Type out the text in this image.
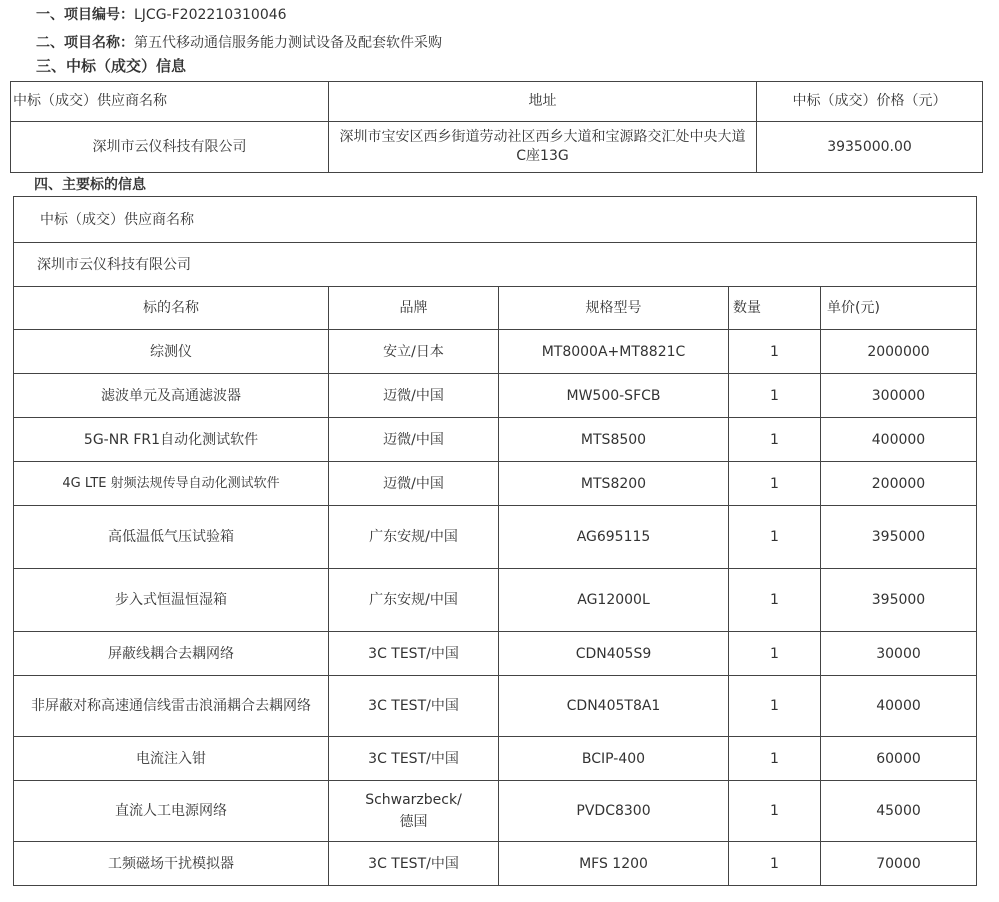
一、项目编号：LJCG-F202210310046
二、项目名称：第五代移动通信服务能力测试设备及配套软件采购
三、中标（成交）信息
中标（成交）供应商名称	地址	中标（成交）价格（元）
深圳市云仪科技有限公司	深圳市宝安区西乡街道劳动社区西乡大道和宝源路交汇处中央大道C座13G	3935000.00
四、主要标的信息
中标（成交）供应商名称				
深圳市云仪科技有限公司				
标的名称	品牌	规格型号	数量	单价(元)
综测仪	安立/日本	MT8000A+MT8821C	1	2000000
滤波单元及高通滤波器	迈微/中国	MW500-SFCB	1	300000
5G-NR FR1自动化测试软件	迈微/中国	MTS8500	1	400000
4G LTE 射频法规传导自动化测试软件	迈微/中国	MTS8200	1	200000
高低温低气压试验箱	广东安规/中国	AG695115	1	395000
步入式恒温恒湿箱	广东安规/中国	AG12000L	1	395000
屏蔽线耦合去耦网络	3C TEST/中国	CDN405S9	1	30000
非屏蔽对称高速通信线雷击浪涌耦合去耦网络	3C TEST/中国	CDN405T8A1	1	40000
电流注入钳	3C TEST/中国	BCIP-400	1	60000
直流人工电源网络	Schwarzbeck/德国	PVDC8300	1	45000
工频磁场干扰模拟器	3C TEST/中国	MFS 1200	1	70000
